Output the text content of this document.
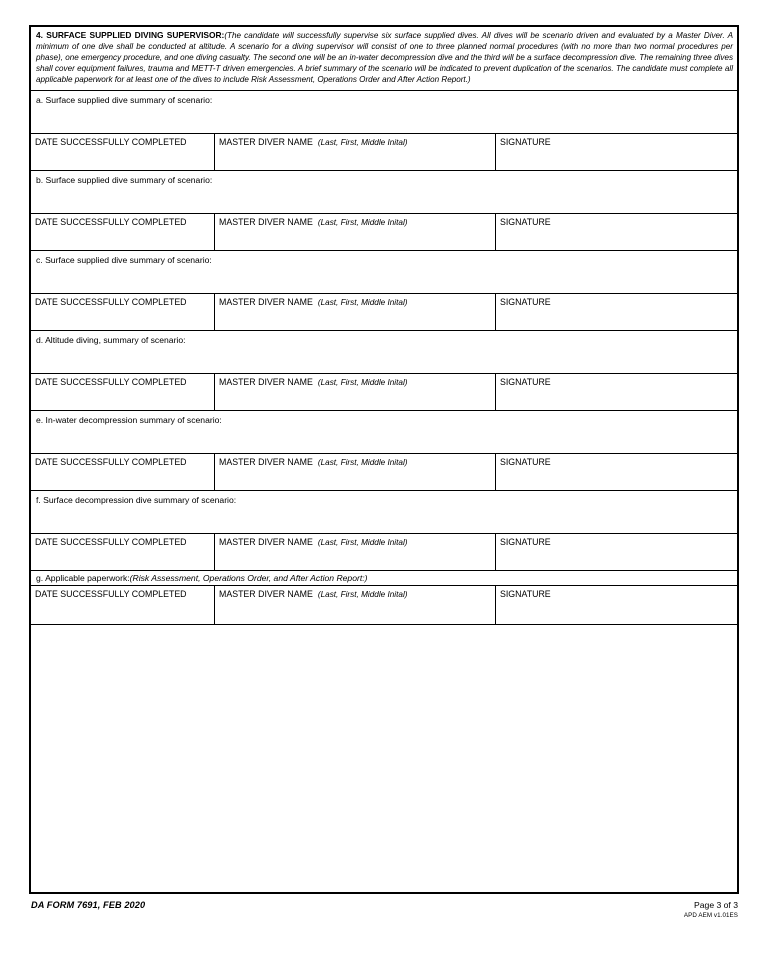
4. SURFACE SUPPLIED DIVING SUPERVISOR:(The candidate will successfully supervise six surface supplied dives. All dives will be scenario driven and evaluated by a Master Diver. A minimum of one dive shall be conducted at altitude. A scenario for a diving supervisor will consist of one to three planned normal procedures (with no more than two normal procedures per phase), one emergency procedure, and one diving casualty. The second one will be an in-water decompression dive and the third will be a surface decompression dive. The remaining three dives shall cover equipment failures, trauma and METT-T driven emergencies. A brief summary of the scenario will be indicated to prevent duplication of the scenarios. The candidate must complete all applicable paperwork for at least one of the dives to include Risk Assessment, Operations Order and After Action Report.)

a. Surface supplied dive summary of scenario:
DATE SUCCESSFULLY COMPLETED	MASTER DIVER NAME (Last, First, Middle Inital)	SIGNATURE
b. Surface supplied dive summary of scenario:
DATE SUCCESSFULLY COMPLETED	MASTER DIVER NAME (Last, First, Middle Inital)	SIGNATURE
c. Surface supplied dive summary of scenario:
DATE SUCCESSFULLY COMPLETED	MASTER DIVER NAME (Last, First, Middle Inital)	SIGNATURE
d. Altitude diving, summary of scenario:
DATE SUCCESSFULLY COMPLETED	MASTER DIVER NAME (Last, First, Middle Inital)	SIGNATURE
e. In-water decompression summary of scenario:
DATE SUCCESSFULLY COMPLETED	MASTER DIVER NAME (Last, First, Middle Inital)	SIGNATURE
f. Surface decompression dive summary of scenario:
DATE SUCCESSFULLY COMPLETED	MASTER DIVER NAME (Last, First, Middle Inital)	SIGNATURE
g. Applicable paperwork:(Risk Assessment, Operations Order, and After Action Report:)
DATE SUCCESSFULLY COMPLETED	MASTER DIVER NAME (Last, First, Middle Inital)	SIGNATURE
DA FORM 7691, FEB 2020	Page 3 of 3
APD AEM v1.01ES
